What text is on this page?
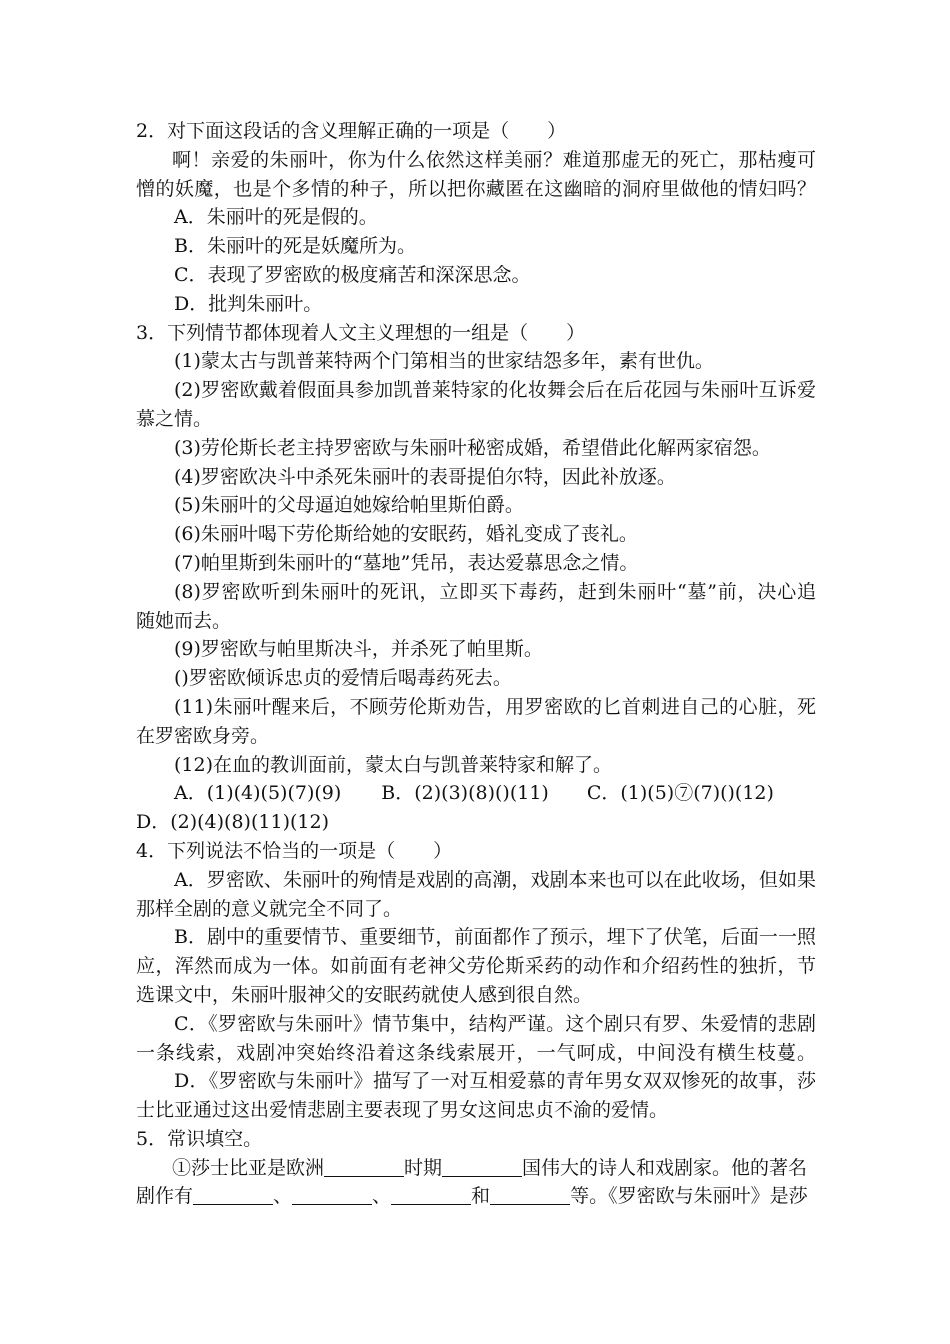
2．对下面这段话的含义理解正确的一项是（　　）
啊！亲爱的朱丽叶，你为什么依然这样美丽？难道那虚无的死亡，那枯瘦可
憎的妖魔，也是个多情的种子，所以把你藏匿在这幽暗的洞府里做他的情妇吗？
A．朱丽叶的死是假的。
B．朱丽叶的死是妖魔所为。
C．表现了罗密欧的极度痛苦和深深思念。
D．批判朱丽叶。
3．下列情节都体现着人文主义理想的一组是（　　）
(1)蒙太古与凯普莱特两个门第相当的世家结怨多年，素有世仇。
(2)罗密欧戴着假面具参加凯普莱特家的化妆舞会后在后花园与朱丽叶互诉爱
慕之情。
(3)劳伦斯长老主持罗密欧与朱丽叶秘密成婚，希望借此化解两家宿怨。
(4)罗密欧决斗中杀死朱丽叶的表哥提伯尔特，因此补放逐。
(5)朱丽叶的父母逼迫她嫁给帕里斯伯爵。
(6)朱丽叶喝下劳伦斯给她的安眠药，婚礼变成了丧礼。
(7)帕里斯到朱丽叶的“墓地”凭吊，表达爱慕思念之情。
(8)罗密欧听到朱丽叶的死讯，立即买下毒药，赶到朱丽叶“墓”前，决心追
随她而去。
(9)罗密欧与帕里斯决斗，并杀死了帕里斯。
()罗密欧倾诉忠贞的爱情后喝毒药死去。
(11)朱丽叶醒来后，不顾劳伦斯劝告，用罗密欧的匕首刺进自己的心脏，死
在罗密欧身旁。
(12)在血的教训面前，蒙太白与凯普莱特家和解了。
A．(1)(4)(5)(7)(9) B．(2)(3)(8)()(11) C．(1)(5)⑦(7)()(12)
D．(2)(4)(8)(11)(12)
4．下列说法不恰当的一项是（　　）
A．罗密欧、朱丽叶的殉情是戏剧的高潮，戏剧本来也可以在此收场，但如果
那样全剧的意义就完全不同了。
B．剧中的重要情节、重要细节，前面都作了预示，埋下了伏笔，后面一一照
应，浑然而成为一体。如前面有老神父劳伦斯采药的动作和介绍药性的独折，节
选课文中，朱丽叶服神父的安眠药就使人感到很自然。
C．《罗密欧与朱丽叶》情节集中，结构严谨。这个剧只有罗、朱爱情的悲剧
一条线索，戏剧冲突始终沿着这条线索展开，一气呵成，中间没有横生枝蔓。
D．《罗密欧与朱丽叶》描写了一对互相爱慕的青年男女双双惨死的故事，莎
士比亚通过这出爱情悲剧主要表现了男女这间忠贞不渝的爱情。
5．常识填空。
①莎士比亚是欧洲	时期	国伟大的诗人和戏剧家。他的著名
剧作有	、	、	和	等。《罗密欧与朱丽叶》是莎
